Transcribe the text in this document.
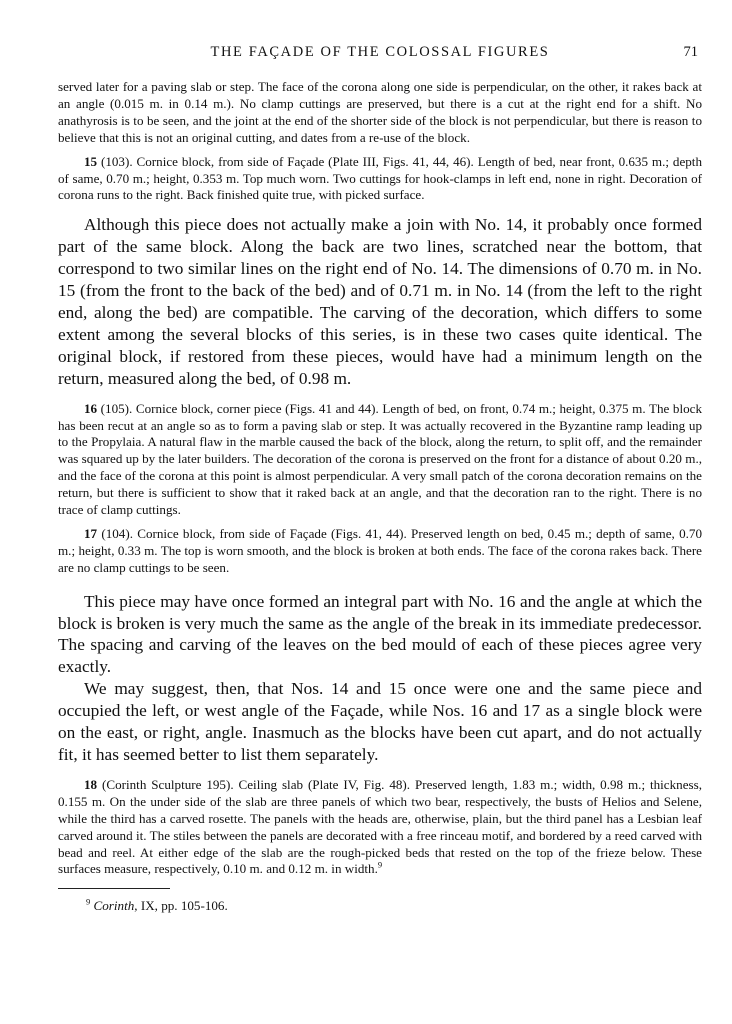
THE FAÇADE OF THE COLOSSAL FIGURES	71

served later for a paving slab or step. The face of the corona along one side is perpendicular, on the other, it rakes back at an angle (0.015 m. in 0.14 m.). No clamp cuttings are preserved, but there is a cut at the right end for a shift. No anathyrosis is to be seen, and the joint at the end of the shorter side of the block is not perpendicular, but there is reason to believe that this is not an original cutting, and dates from a re-use of the block.

15 (103). Cornice block, from side of Façade (Plate III, Figs. 41, 44, 46). Length of bed, near front, 0.635 m.; depth of same, 0.70 m.; height, 0.353 m. Top much worn. Two cuttings for hook-clamps in left end, none in right. Decoration of corona runs to the right. Back finished quite true, with picked surface.

Although this piece does not actually make a join with No. 14, it probably once formed part of the same block. Along the back are two lines, scratched near the bottom, that correspond to two similar lines on the right end of No. 14. The dimensions of 0.70 m. in No. 15 (from the front to the back of the bed) and of 0.71 m. in No. 14 (from the left to the right end, along the bed) are compatible. The carving of the decoration, which differs to some extent among the several blocks of this series, is in these two cases quite identical. The original block, if restored from these pieces, would have had a minimum length on the return, measured along the bed, of 0.98 m.

16 (105). Cornice block, corner piece (Figs. 41 and 44). Length of bed, on front, 0.74 m.; height, 0.375 m. The block has been recut at an angle so as to form a paving slab or step. It was actually recovered in the Byzantine ramp leading up to the Propylaia. A natural flaw in the marble caused the back of the block, along the return, to split off, and the remainder was squared up by the later builders. The decoration of the corona is preserved on the front for a distance of about 0.20 m., and the face of the corona at this point is almost perpendicular. A very small patch of the corona decoration remains on the return, but there is sufficient to show that it raked back at an angle, and that the decoration ran to the right. There is no trace of clamp cuttings.

17 (104). Cornice block, from side of Façade (Figs. 41, 44). Preserved length on bed, 0.45 m.; depth of same, 0.70 m.; height, 0.33 m. The top is worn smooth, and the block is broken at both ends. The face of the corona rakes back. There are no clamp cuttings to be seen.

This piece may have once formed an integral part with No. 16 and the angle at which the block is broken is very much the same as the angle of the break in its immediate predecessor. The spacing and carving of the leaves on the bed mould of each of these pieces agree very exactly.

We may suggest, then, that Nos. 14 and 15 once were one and the same piece and occupied the left, or west angle of the Façade, while Nos. 16 and 17 as a single block were on the east, or right, angle. Inasmuch as the blocks have been cut apart, and do not actually fit, it has seemed better to list them separately.

18 (Corinth Sculpture 195). Ceiling slab (Plate IV, Fig. 48). Preserved length, 1.83 m.; width, 0.98 m.; thickness, 0.155 m. On the under side of the slab are three panels of which two bear, respectively, the busts of Helios and Selene, while the third has a carved rosette. The panels with the heads are, otherwise, plain, but the third panel has a Lesbian leaf carved around it. The stiles between the panels are decorated with a free rinceau motif, and bordered by a reed carved with bead and reel. At either edge of the slab are the rough-picked beds that rested on the top of the frieze below. These surfaces measure, respectively, 0.10 m. and 0.12 m. in width.$^9$

$^9$ Corinth, IX, pp. 105-106.
